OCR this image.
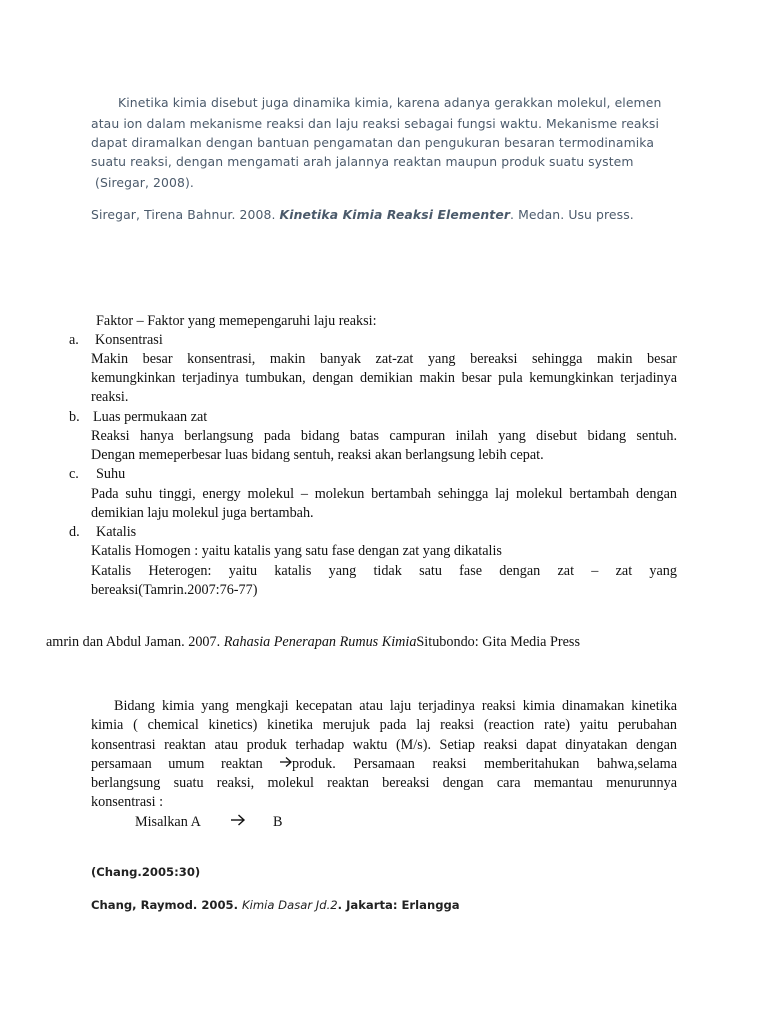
Kinetika kimia disebut juga dinamika kimia, karena adanya gerakkan molekul, elemen
atau ion dalam mekanisme reaksi dan laju reaksi sebagai fungsi waktu. Mekanisme reaksi
dapat diramalkan dengan bantuan pengamatan dan pengukuran besaran termodinamika
suatu reaksi, dengan mengamati arah jalannya reaktan maupun produk suatu system
(Siregar, 2008).
Siregar, Tirena Bahnur. 2008. Kinetika Kimia Reaksi Elementer. Medan. Usu press.
Faktor – Faktor yang memepengaruhi laju reaksi:
a. Konsentrasi
Makin besar konsentrasi, makin banyak zat-zat yang bereaksi sehingga makin besar
kemungkinkan terjadinya tumbukan, dengan demikian makin besar pula kemungkinkan terjadinya
reaksi.
b. Luas permukaan zat
Reaksi hanya berlangsung pada bidang batas campuran inilah yang disebut bidang sentuh.
Dengan memeperbesar luas bidang sentuh, reaksi akan berlangsung lebih cepat.
c. Suhu
Pada suhu tinggi, energy molekul – molekun bertambah sehingga laj molekul bertambah dengan
demikian laju molekul juga bertambah.
d. Katalis
Katalis Homogen : yaitu katalis yang satu fase dengan zat yang dikatalis
Katalis Heterogen: yaitu katalis yang tidak satu fase dengan zat – zat yang
bereaksi(Tamrin.2007:76-77)
amrin dan Abdul Jaman. 2007. Rahasia Penerapan Rumus KimiaSitubondo: Gita Media Press
Bidang kimia yang mengkaji kecepatan atau laju terjadinya reaksi kimia dinamakan kinetika
kimia ( chemical kinetics) kinetika merujuk pada laj reaksi (reaction rate) yaitu perubahan
konsentrasi reaktan atau produk terhadap waktu (M/s). Setiap reaksi dapat dinyatakan dengan
persamaan umum reaktan produk. Persamaan reaksi memberitahukan bahwa,selama
berlangsung suatu reaksi, molekul reaktan bereaksi dengan cara memantau menurunnya
konsentrasi :
Misalkan A	B
(Chang.2005:30)
Chang, Raymod. 2005. Kimia Dasar Jd.2. Jakarta: Erlangga
